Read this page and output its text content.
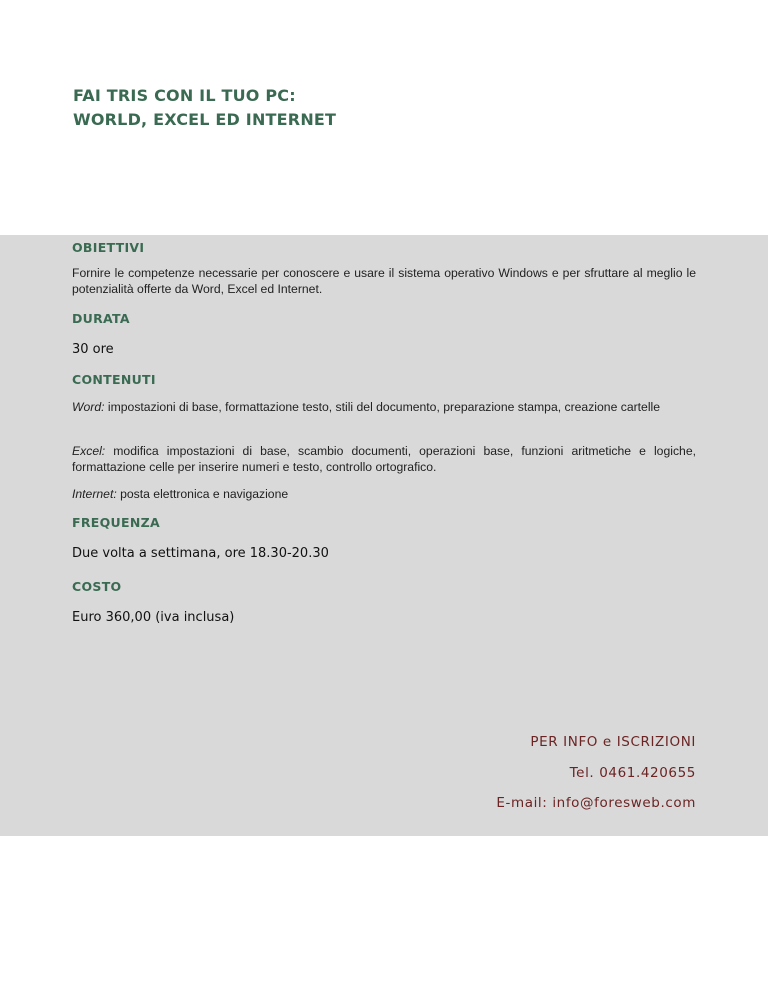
FAI TRIS CON IL TUO PC:
WORLD, EXCEL ED INTERNET
OBIETTIVI
Fornire le competenze necessarie per conoscere e usare il sistema operativo Windows e per sfruttare al meglio le potenzialità offerte da Word, Excel ed Internet.
DURATA
30 ore
CONTENUTI
Word: impostazioni di base, formattazione testo, stili del documento, preparazione stampa, creazione cartelle
Excel: modifica impostazioni di base, scambio documenti, operazioni base, funzioni aritmetiche e logiche, formattazione celle per inserire numeri e testo, controllo ortografico.
Internet: posta elettronica e navigazione
FREQUENZA
Due volta a settimana, ore 18.30-20.30
COSTO
Euro 360,00 (iva inclusa)
PER INFO e ISCRIZIONI
Tel. 0461.420655
E-mail: info@foresweb.com
